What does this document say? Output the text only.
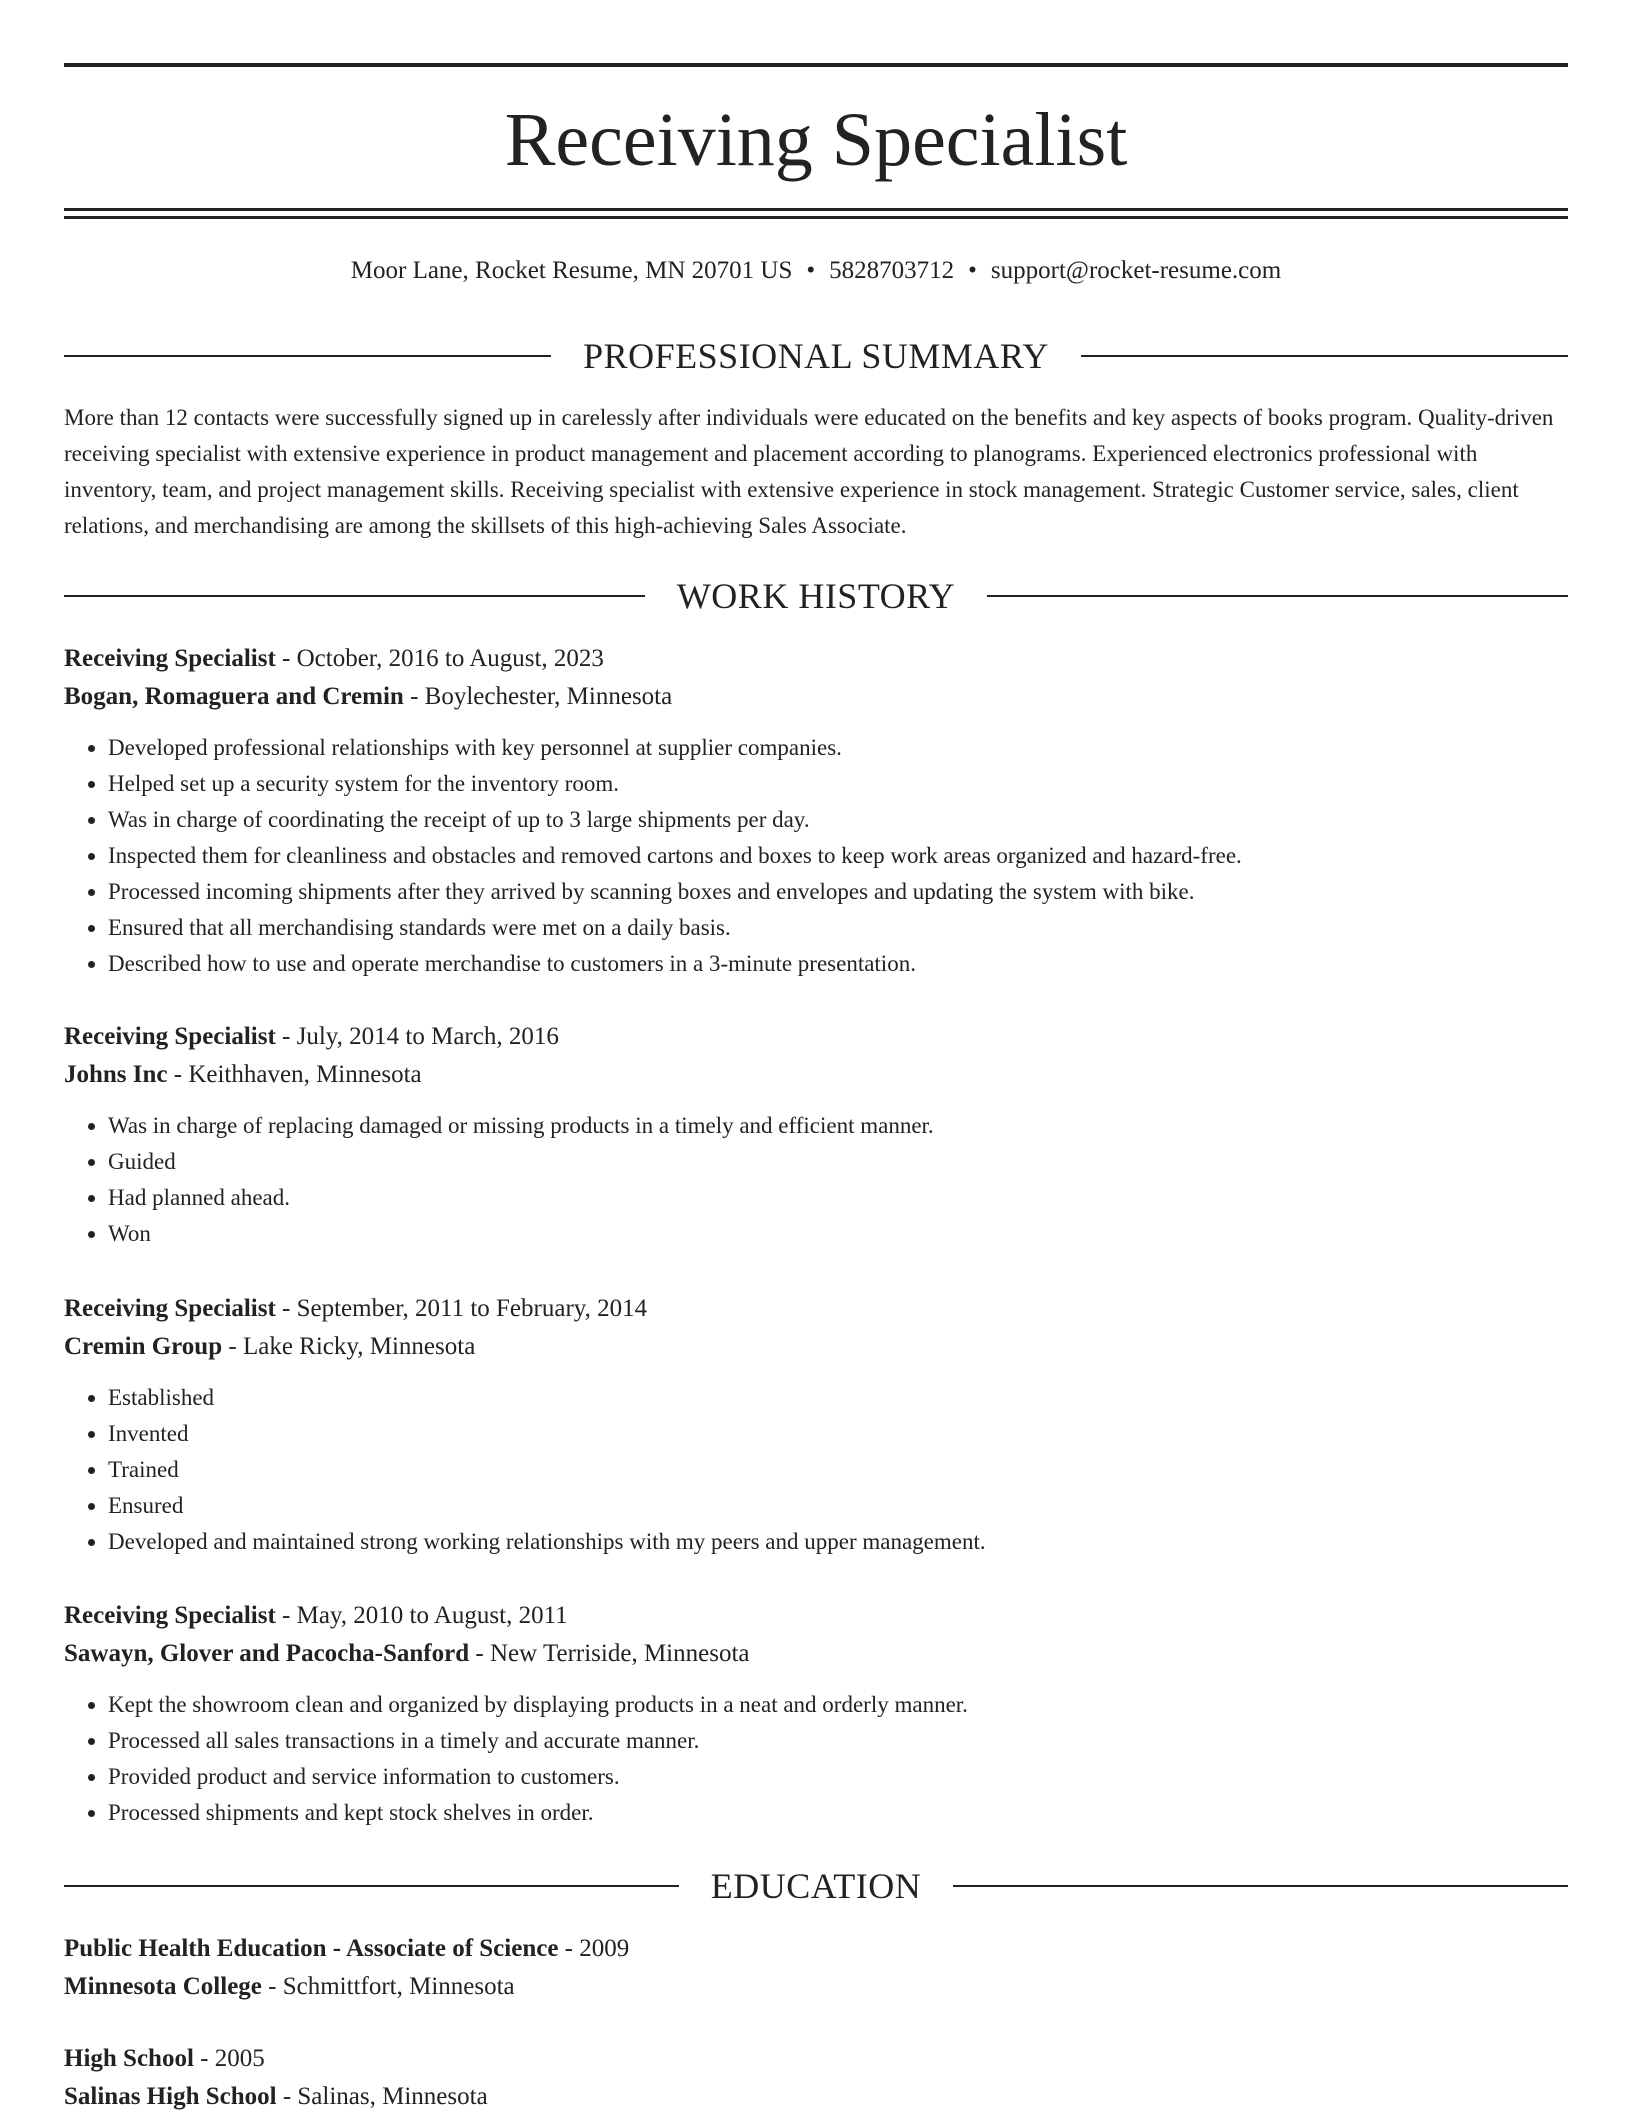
Receiving Specialist
Moor Lane, Rocket Resume, MN 20701 US • 5828703712 • support@rocket-resume.com
PROFESSIONAL SUMMARY

More than 12 contacts were successfully signed up in carelessly after individuals were educated on the benefits and key aspects of books program. Quality-driven receiving specialist with extensive experience in product management and placement according to planograms. Experienced electronics professional with inventory, team, and project management skills. Receiving specialist with extensive experience in stock management. Strategic Customer service, sales, client relations, and merchandising are among the skillsets of this high-achieving Sales Associate.

WORK HISTORY

Receiving Specialist - October, 2016 to August, 2023

Bogan, Romaguera and Cremin - Boylechester, Minnesota

• Developed professional relationships with key personnel at supplier companies.
• Helped set up a security system for the inventory room.
• Was in charge of coordinating the receipt of up to 3 large shipments per day.
• Inspected them for cleanliness and obstacles and removed cartons and boxes to keep work areas organized and hazard-free.
• Processed incoming shipments after they arrived by scanning boxes and envelopes and updating the system with bike.
• Ensured that all merchandising standards were met on a daily basis.
• Described how to use and operate merchandise to customers in a 3-minute presentation.

Receiving Specialist - July, 2014 to March, 2016

Johns Inc - Keithhaven, Minnesota

• Was in charge of replacing damaged or missing products in a timely and efficient manner.
• Guided
• Had planned ahead.
• Won

Receiving Specialist - September, 2011 to February, 2014

Cremin Group - Lake Ricky, Minnesota

• Established
• Invented
• Trained
• Ensured
• Developed and maintained strong working relationships with my peers and upper management.

Receiving Specialist - May, 2010 to August, 2011

Sawayn, Glover and Pacocha-Sanford - New Terriside, Minnesota

• Kept the showroom clean and organized by displaying products in a neat and orderly manner.
• Processed all sales transactions in a timely and accurate manner.
• Provided product and service information to customers.
• Processed shipments and kept stock shelves in order.
EDUCATION

Public Health Education - Associate of Science - 2009

Minnesota College - Schmittfort, Minnesota

High School - 2005

Salinas High School - Salinas, Minnesota
